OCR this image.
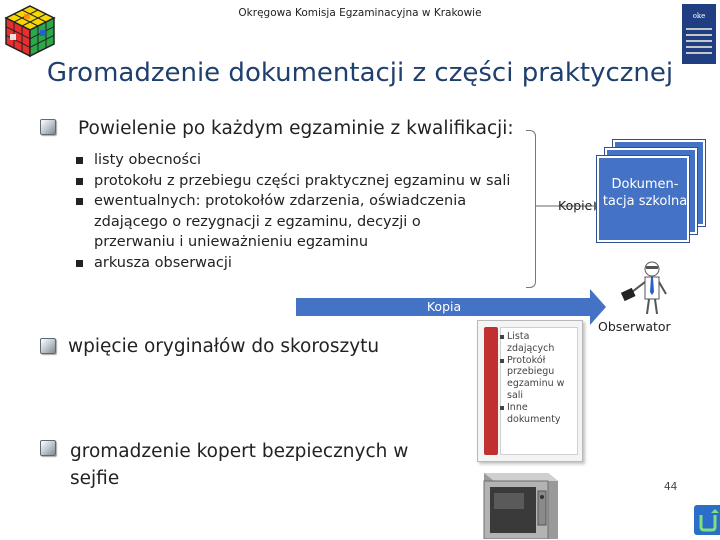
Okręgowa Komisja Egzaminacyjna w Krakowie	oke
Gromadzenie dokumentacji z części praktycznej
Powielenie po każdym egzaminie z kwalifikacji:
listy obecności
protokołu z przebiegu części praktycznej egzaminu w sali
ewentualnych: protokołów zdarzenia, oświadczenia zdającego o rezygnacji z egzaminu, decyzji o przerwaniu i unieważnieniu egzaminu
arkusza obserwacji
Kopie
Dokumen-tacja szkolna
Kopia
Obserwator
wpięcie oryginałów do skoroszytu	Lista zdających
Protokół przebiegu egzaminu w sali
Inne dokumenty
gromadzenie kopert bezpiecznych w sejfie	44
